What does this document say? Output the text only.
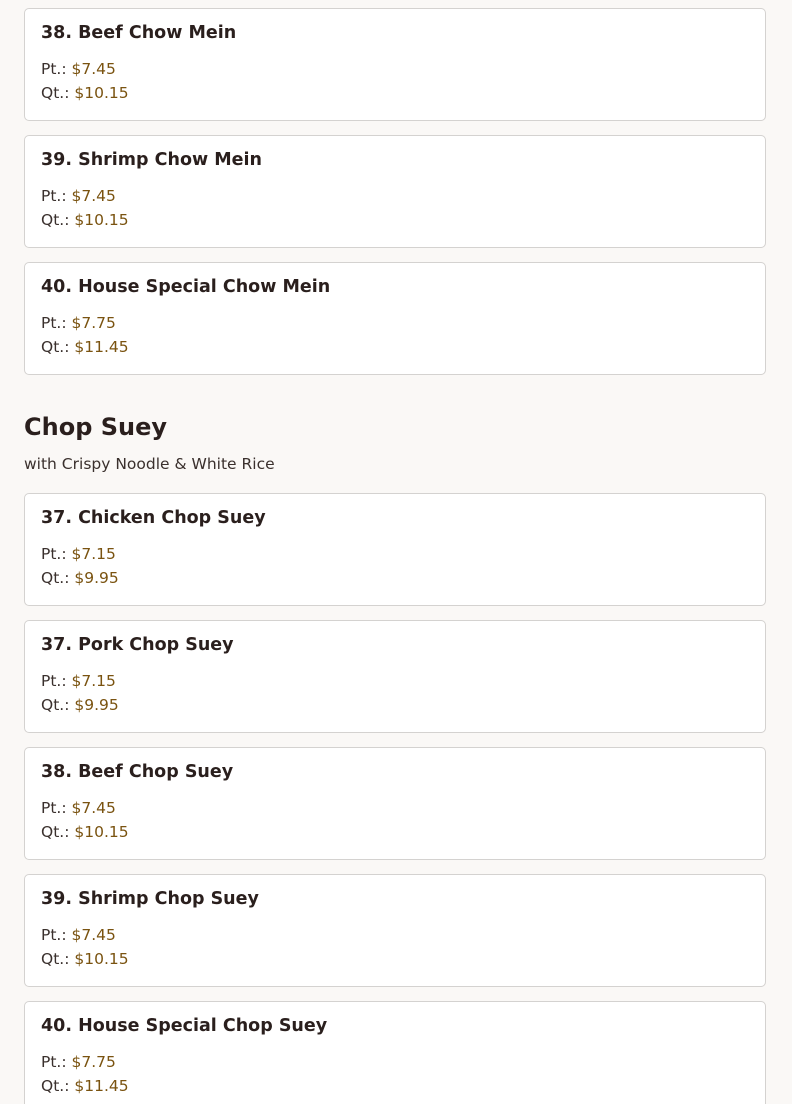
38. Beef Chow Mein
Pt.: $7.45
Qt.: $10.15
39. Shrimp Chow Mein
Pt.: $7.45
Qt.: $10.15
40. House Special Chow Mein
Pt.: $7.75
Qt.: $11.45
Chop Suey
with Crispy Noodle & White Rice
37. Chicken Chop Suey
Pt.: $7.15
Qt.: $9.95
37. Pork Chop Suey
Pt.: $7.15
Qt.: $9.95
38. Beef Chop Suey
Pt.: $7.45
Qt.: $10.15
39. Shrimp Chop Suey
Pt.: $7.45
Qt.: $10.15
40. House Special Chop Suey
Pt.: $7.75
Qt.: $11.45
